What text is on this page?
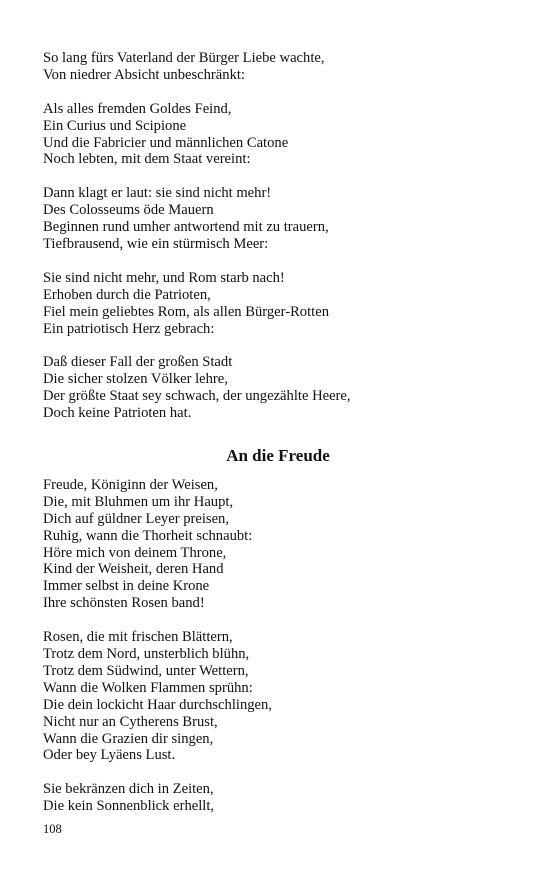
So lang fürs Vaterland der Bürger Liebe wachte,
Von niedrer Absicht unbeschränkt:
Als alles fremden Goldes Feind,
Ein Curius und Scipione
Und die Fabricier und männlichen Catone
Noch lebten, mit dem Staat vereint:
Dann klagt er laut: sie sind nicht mehr!
Des Colosseums öde Mauern
Beginnen rund umher antwortend mit zu trauern,
Tiefbrausend, wie ein stürmisch Meer:
Sie sind nicht mehr, und Rom starb nach!
Erhoben durch die Patrioten,
Fiel mein geliebtes Rom, als allen Bürger-Rotten
Ein patriotisch Herz gebrach:
Daß dieser Fall der großen Stadt
Die sicher stolzen Völker lehre,
Der größte Staat sey schwach, der ungezählte Heere,
Doch keine Patrioten hat.
An die Freude
Freude, Königinn der Weisen,
Die, mit Bluhmen um ihr Haupt,
Dich auf güldner Leyer preisen,
Ruhig, wann die Thorheit schnaubt:
Höre mich von deinem Throne,
Kind der Weisheit, deren Hand
Immer selbst in deine Krone
Ihre schönsten Rosen band!
Rosen, die mit frischen Blättern,
Trotz dem Nord, unsterblich blühn,
Trotz dem Südwind, unter Wettern,
Wann die Wolken Flammen sprühn:
Die dein lockicht Haar durchschlingen,
Nicht nur an Cytherens Brust,
Wann die Grazien dir singen,
Oder bey Lyäens Lust.
Sie bekränzen dich in Zeiten,
Die kein Sonnenblick erhellt,
108
